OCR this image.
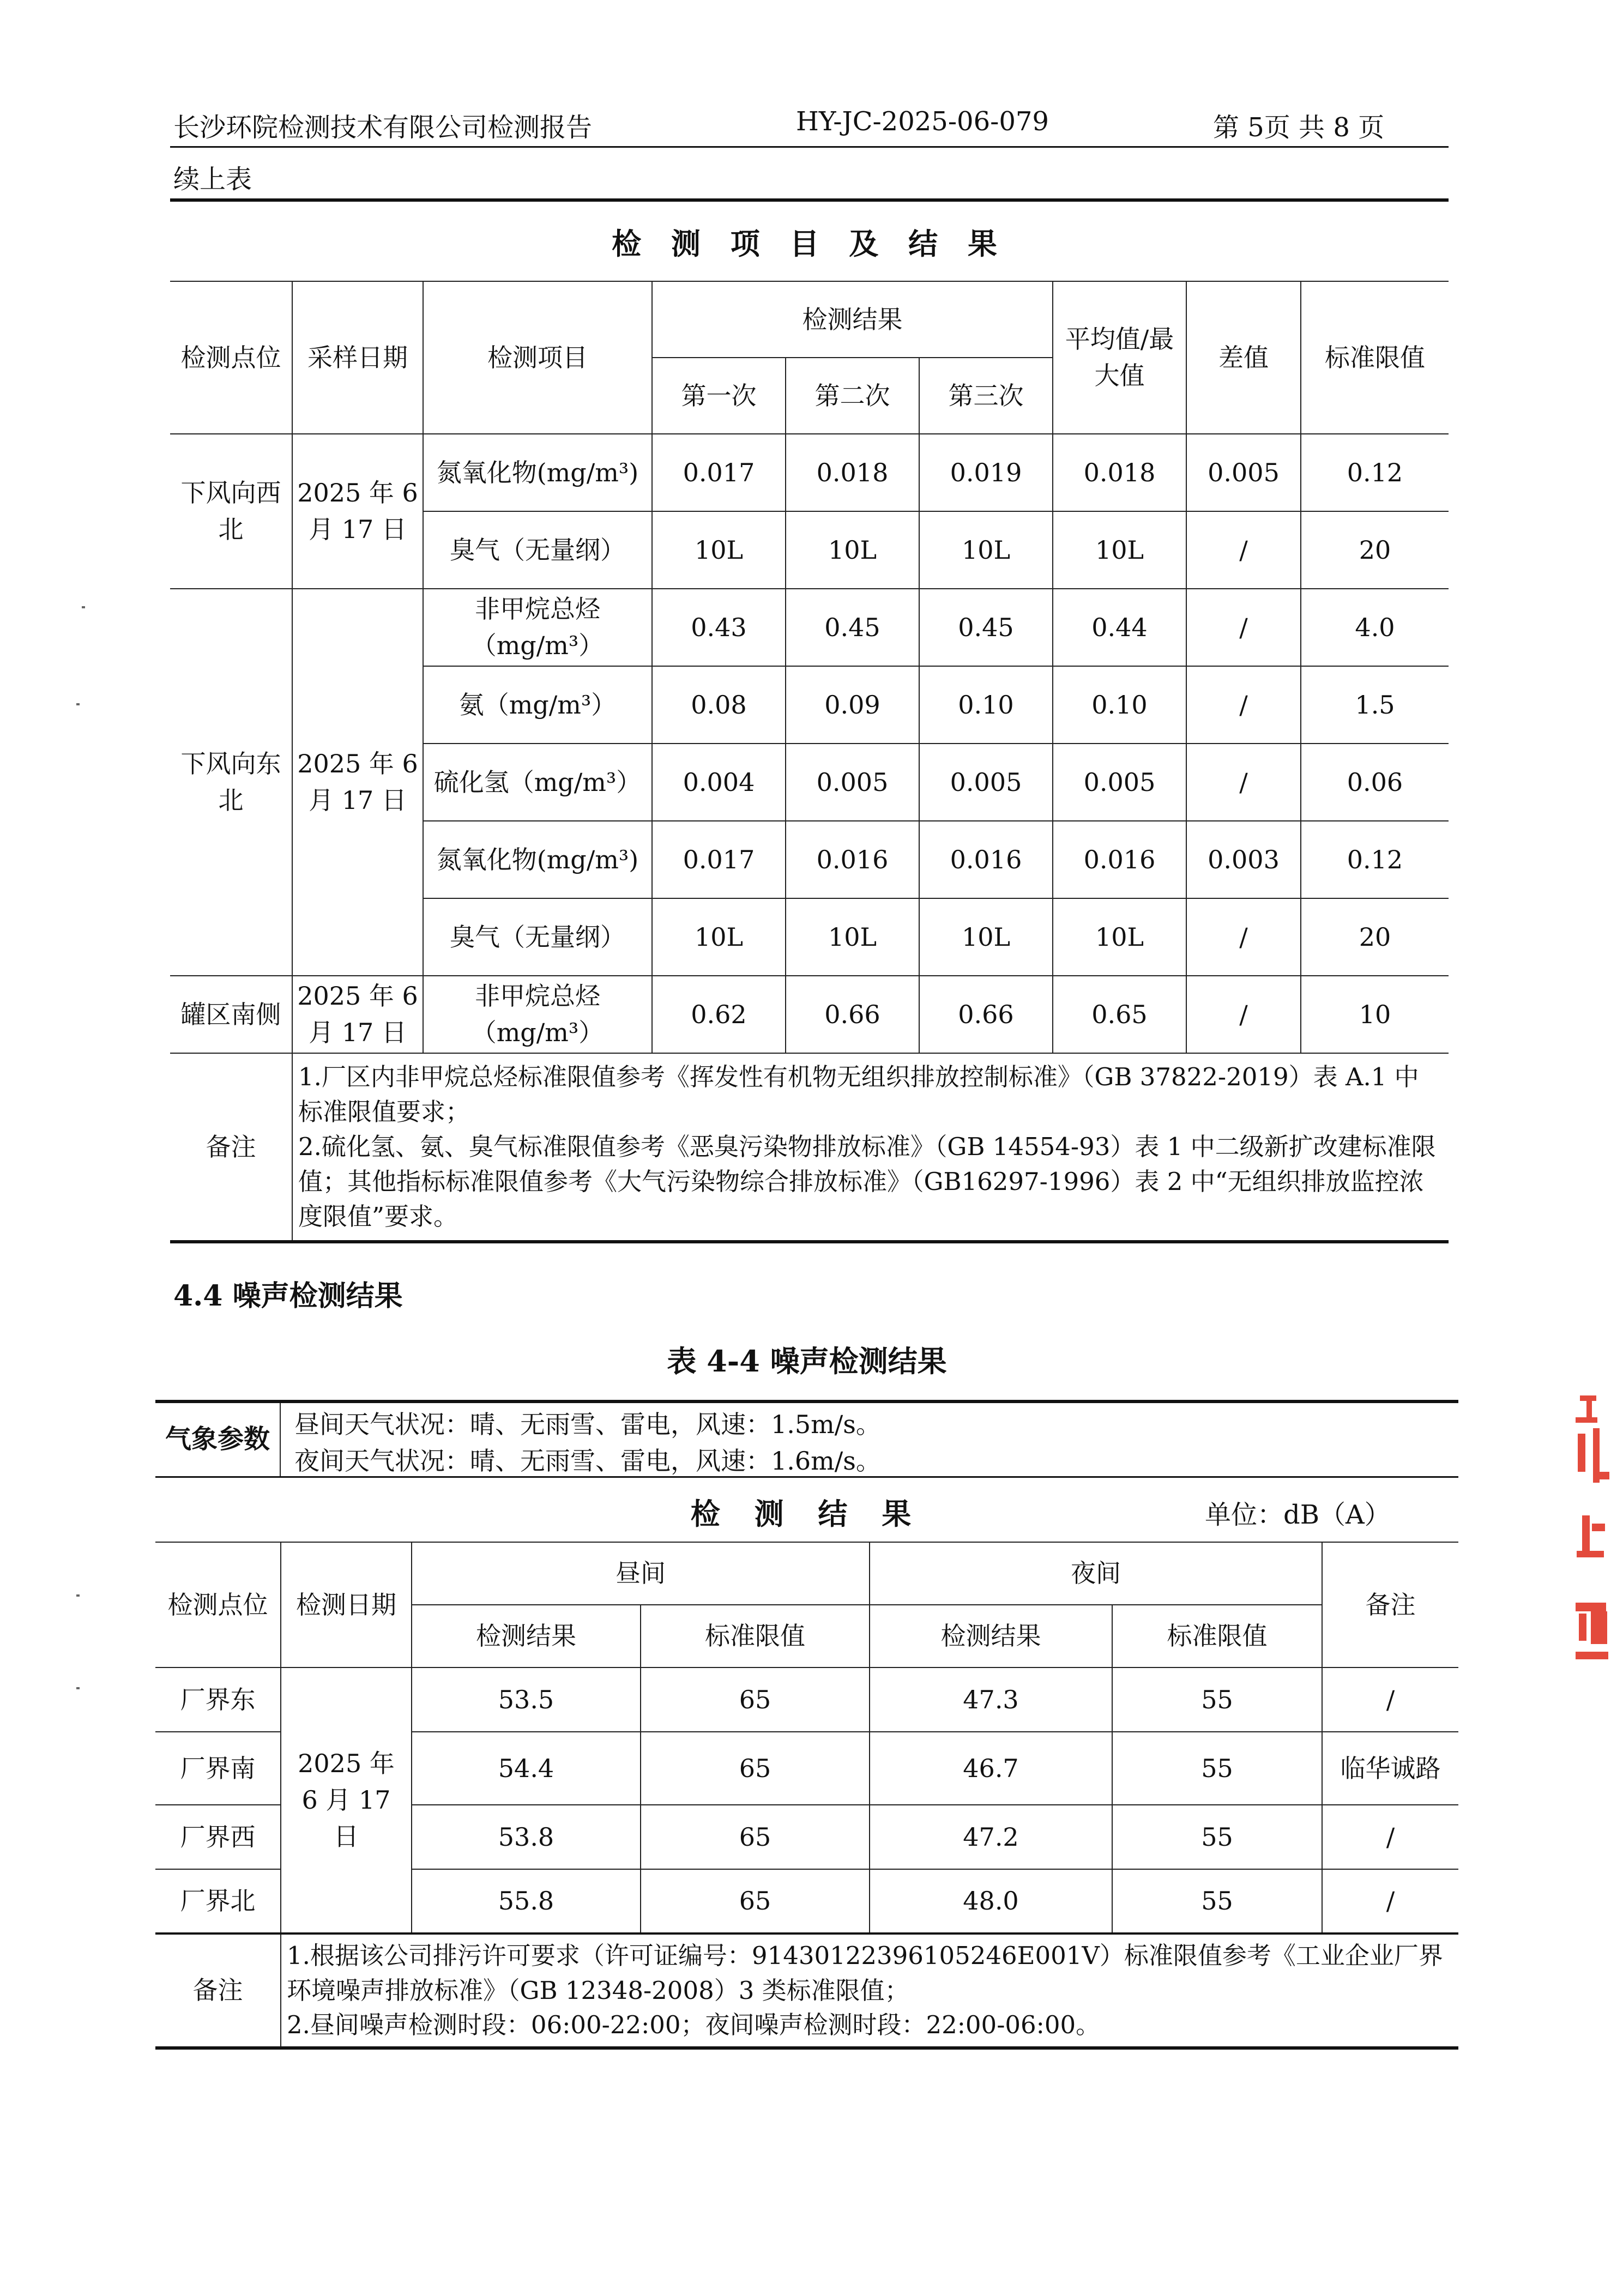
长沙环院检测技术有限公司检测报告	HY-JC-2025-06-079	第 5页 共 8 页
续上表
检 测 项 目 及 结 果
检测点位	采样日期	检测项目	检测结果			平均值/最大值	差值	标准限值
			第一次	第二次	第三次			
下风向西北	2025 年 6 月 17 日	氮氧化物(mg/m³)	0.017	0.018	0.019	0.018	0.005	0.12
		臭气（无量纲）	10L	10L	10L	10L	/	20
下风向东北	2025 年 6 月 17 日	非甲烷总烃（mg/m³）	0.43	0.45	0.45	0.44	/	4.0
		氨（mg/m³）	0.08	0.09	0.10	0.10	/	1.5
		硫化氢（mg/m³）	0.004	0.005	0.005	0.005	/	0.06
		氮氧化物(mg/m³)	0.017	0.016	0.016	0.016	0.003	0.12
		臭气（无量纲）	10L	10L	10L	10L	/	20
罐区南侧	2025 年 6 月 17 日	非甲烷总烃（mg/m³）	0.62	0.66	0.66	0.65	/	10
备注	1.厂区内非甲烷总烃标准限值参考《挥发性有机物无组织排放控制标准》（GB 37822-2019）表 A.1 中标准限值要求；
2.硫化氢、氨、臭气标准限值参考《恶臭污染物排放标准》（GB 14554-93）表 1 中二级新扩改建标准限值；其他指标标准限值参考《大气污染物综合排放标准》（GB16297-1996）表 2 中“无组织排放监控浓度限值”要求。							
4.4 噪声检测结果
表 4-4 噪声检测结果
气象参数 昼间天气状况：晴、无雨雪、雷电，风速：1.5m/s。
夜间天气状况：晴、无雨雪、雷电，风速：1.6m/s。
检 测 结 果	单位：dB（A）
检测点位	检测日期	昼间		夜间		备注
		检测结果	标准限值	检测结果	标准限值	
厂界东	2025 年 6 月 17 日	53.5	65	47.3	55	/
厂界南		54.4	65	46.7	55	临华诚路
厂界西		53.8	65	47.2	55	/
厂界北		55.8	65	48.0	55	/
备注	1.根据该公司排污许可要求（许可证编号：91430122396105246E001V）标准限值参考《工业企业厂界环境噪声排放标准》（GB 12348-2008）3 类标准限值；
2.昼间噪声检测时段：06:00-22:00；夜间噪声检测时段：22:00-06:00。					
